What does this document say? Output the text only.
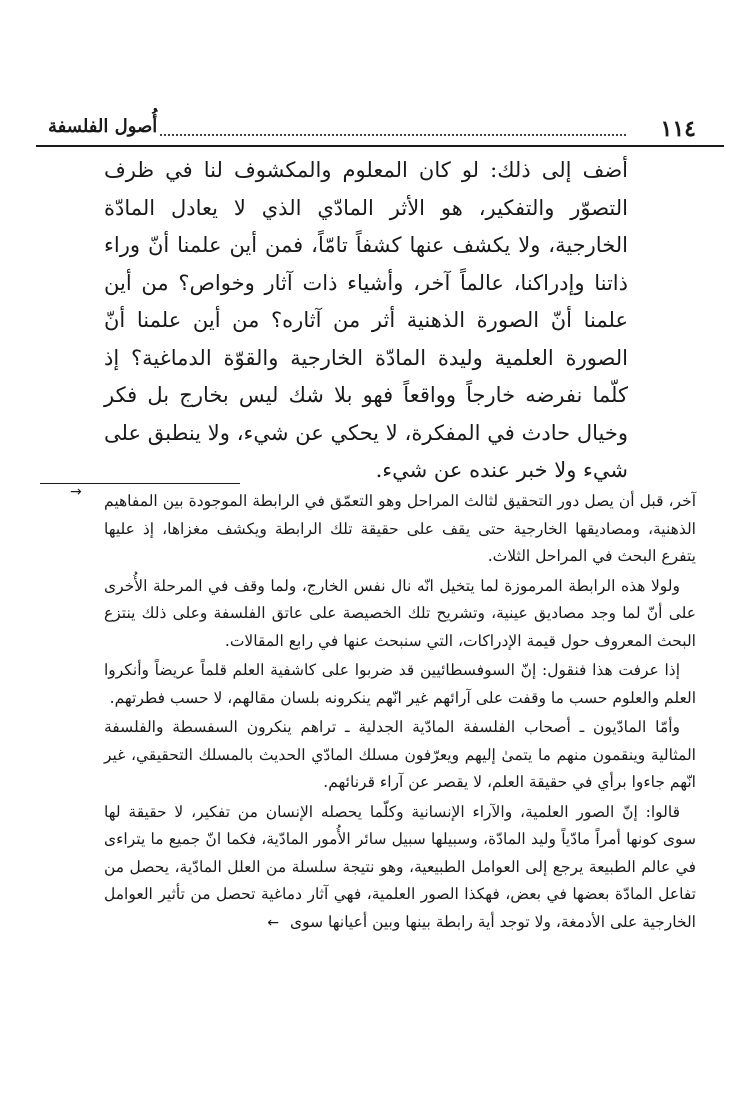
١١٤
أُصول الفلسفة
أضف إلى ذلك: لو كان المعلوم والمكشوف لنا في ظرف التصوّر والتفكير، هو الأثر المادّي الذي لا يعادل المادّة الخارجية، ولا يكشف عنها كشفاً تامّاً، فمن أين علمنا أنّ وراء ذاتنا وإدراكنا، عالماً آخر، وأشياء ذات آثار وخواص؟ من أين علمنا أنّ الصورة الذهنية أثر من آثاره؟ من أين علمنا أنّ الصورة العلمية وليدة المادّة الخارجية والقوّة الدماغية؟ إذ كلّما نفرضه خارجاً وواقعاً فهو بلا شك ليس بخارج بل فكر وخيال حادث في المفكرة، لا يحكي عن شيء، ولا ينطبق على شيء ولا خبر عنده عن شيء.
→ آخر، قبل أن يصل دور التحقيق لثالث المراحل وهو التعمّق في الرابطة الموجودة بين المفاهيم الذهنية، ومصاديقها الخارجية حتى يقف على حقيقة تلك الرابطة ويكشف مغزاها، إذ عليها يتفرع البحث في المراحل الثلاث.

ولولا هذه الرابطة المرموزة لما يتخيل انّه نال نفس الخارج، ولما وقف في المرحلة الأُخرى على أنّ لما وجد مصاديق عينية، وتشريح تلك الخصيصة على عاتق الفلسفة وعلى ذلك ينتزع البحث المعروف حول قيمة الإدراكات، التي سنبحث عنها في رابع المقالات.

إذا عرفت هذا فنقول: إنّ السوفسطائيين قد ضربوا على كاشفية العلم قلماً عريضاً وأنكروا العلم والعلوم حسب ما وقفت على آرائهم غير انّهم ينكرونه بلسان مقالهم، لا حسب فطرتهم.

وأمّا المادّيون ـ أصحاب الفلسفة المادّية الجدلية ـ تراهم ينكرون السفسطة والفلسفة المثالية وينقمون منهم ما يتمىٰ إليهم ويعرّفون مسلك المادّي الحديث بالمسلك التحقيقي، غير انّهم جاءوا برأي في حقيقة العلم، لا يقصر عن آراء قرنائهم.

قالوا: إنّ الصور العلمية، والآراء الإنسانية وكلّما يحصله الإنسان من تفكير، لا حقيقة لها سوى كونها أمراً مادّياً وليد المادّة، وسبيلها سبيل سائر الأُمور المادّية، فكما انّ جميع ما يتراءى في عالم الطبيعة يرجع إلى العوامل الطبيعية، وهو نتيجة سلسلة من العلل المادّية، يحصل من تفاعل المادّة بعضها في بعض، فهكذا الصور العلمية، فهي آثار دماغية تحصل من تأثير العوامل الخارجية على الأدمغة، ولا توجد أية رابطة بينها وبين أعيانها سوى ←
